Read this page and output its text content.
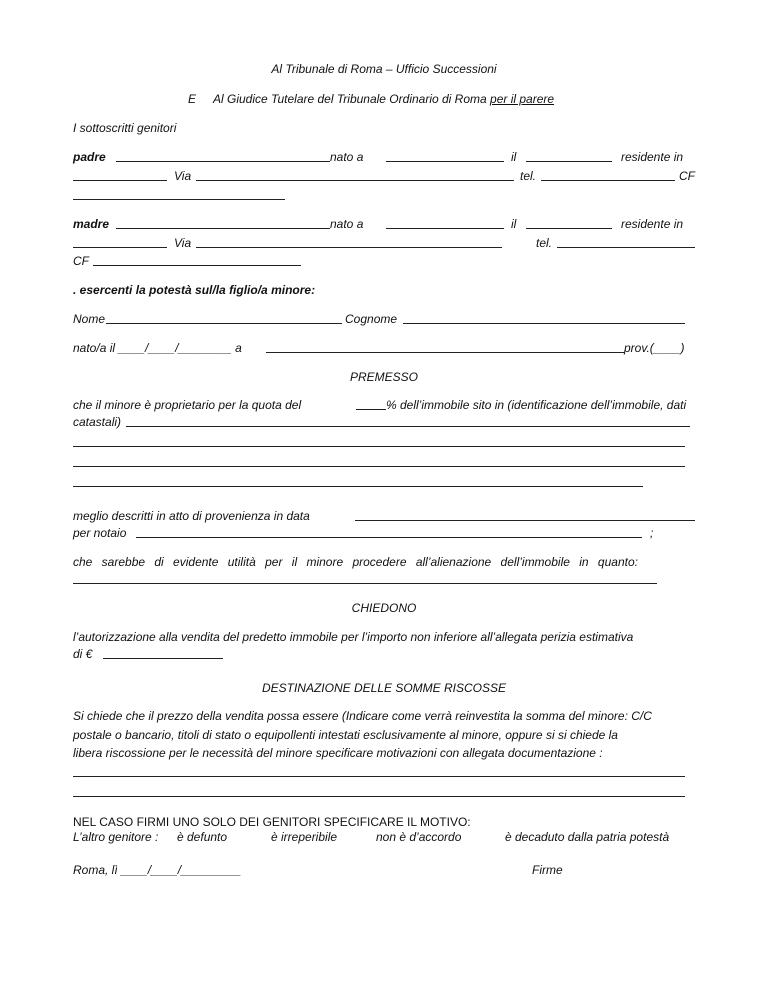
Al Tribunale di Roma – Ufficio Successioni
E Al Giudice Tutelare del Tribunale Ordinario di Roma per il parere
I sottoscritti genitori
padre	nato a	il	residente in
Via	tel.	CF
madre	nato a	il	residente in
Via	tel.
CF
. esercenti la potestà sul/la figlio/a minore:
Nome	Cognome
nato/a il ____/____/________ a	prov.(____)
PREMESSO
che il minore è proprietario per la quota del	% dell’immobile sito in (identificazione dell’immobile, dati
catastali)
meglio descritti in atto di provenienza in data
per notaio	;
che sarebbe di evidente utilità per il minore procedere all’alienazione dell’immobile in quanto:
CHIEDONO
l’autorizzazione alla vendita del predetto immobile per l’importo non inferiore all’allegata perizia estimativa
di €
DESTINAZIONE DELLE SOMME RISCOSSE
Si chiede che il prezzo della vendita possa essere (Indicare come verrà reinvestita la somma del minore: C/C
postale o bancario, titoli di stato o equipollenti intestati esclusivamente al minore, oppure si si chiede la
libera riscossione per le necessità del minore specificare motivazioni con allegata documentazione :
NEL CASO FIRMI UNO SOLO DEI GENITORI SPECIFICARE IL MOTIVO:
L’altro genitore : è defunto	è irreperibile	non è d’accordo	è decaduto dalla patria potestà
Roma, lì ____/____/_________	Firme
